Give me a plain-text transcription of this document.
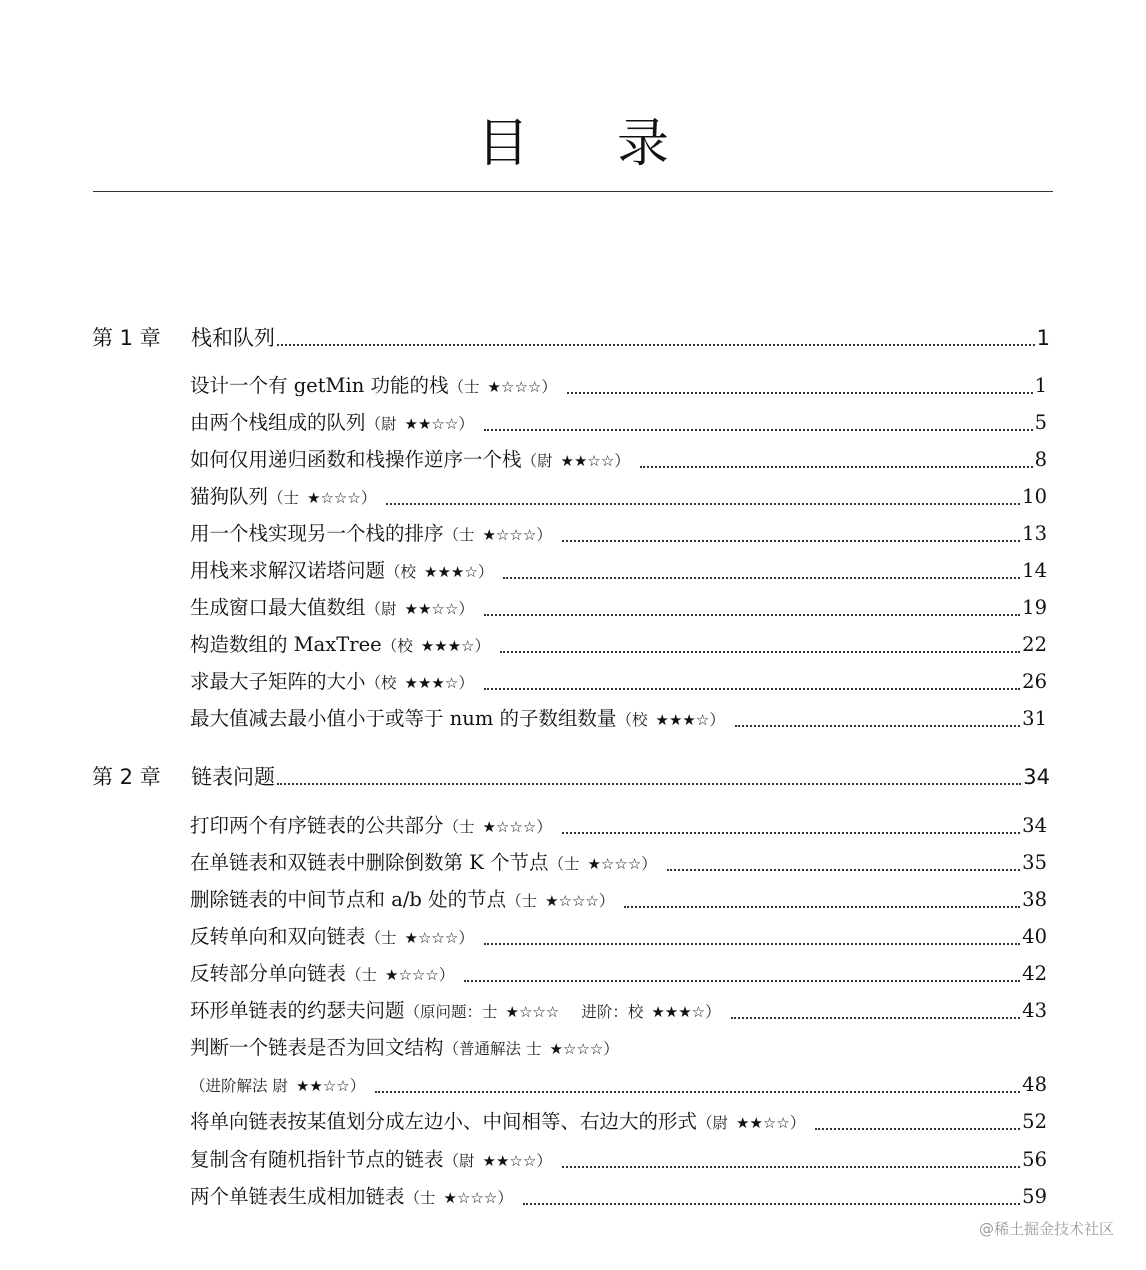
目 录
第 1 章	栈和队列	1
设计一个有 getMin 功能的栈 （士 ★☆☆☆ ）	1
由两个栈组成的队列 （尉 ★★☆☆ ）	5
如何仅用递归函数和栈操作逆序一个栈 （尉 ★★☆☆ ）	8
猫狗队列 （士 ★☆☆☆ ）	10
用一个栈实现另一个栈的排序 （士 ★☆☆☆ ）	13
用栈来求解汉诺塔问题 （校 ★★★☆ ）	14
生成窗口最大值数组 （尉 ★★☆☆ ）	19
构造数组的 MaxTree （校 ★★★☆ ）	22
求最大子矩阵的大小 （校 ★★★☆ ）	26
最大值减去最小值小于或等于 num 的子数组数量 （校 ★★★☆ ）	31
第 2 章	链表问题	34
打印两个有序链表的公共部分 （士 ★☆☆☆ ）	34
在单链表和双链表中删除倒数第 K 个节点 （士 ★☆☆☆ ）	35
删除链表的中间节点和 a/b 处的节点 （士 ★☆☆☆ ）	38
反转单向和双向链表 （士 ★☆☆☆ ）	40
反转部分单向链表 （士 ★☆☆☆ ）	42
环形单链表的约瑟夫问题 （原问题：士 ★☆☆☆ 进阶：校 ★★★☆ ）	43
判断一个链表是否为回文结构 （普通解法 士 ★☆☆☆ ）
（进阶解法 尉 ★★☆☆ ）	48
将单向链表按某值划分成左边小、中间相等、右边大的形式 （尉 ★★☆☆ ）	52
复制含有随机指针节点的链表 （尉 ★★☆☆ ）	56
两个单链表生成相加链表 （士 ★☆☆☆ ）	59
@稀土掘金技术社区
